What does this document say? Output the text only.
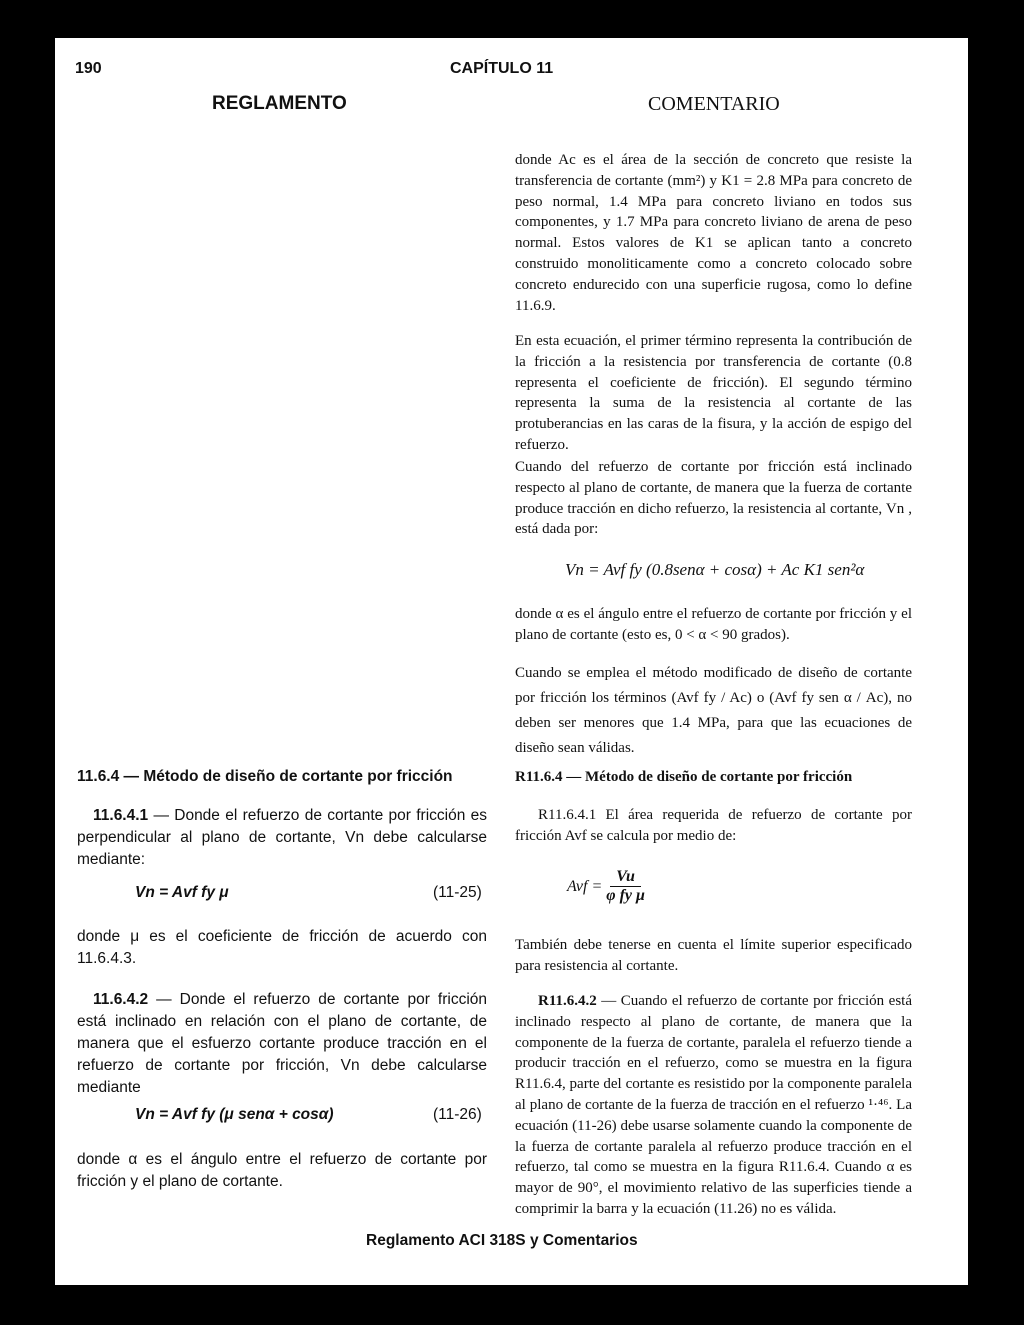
190	CAPÍTULO 11
REGLAMENTO	COMENTARIO
donde Ac es el área de la sección de concreto que resiste la transferencia de cortante (mm²) y K1 = 2.8 MPa para concreto de peso normal, 1.4 MPa para concreto liviano en todos sus componentes, y 1.7 MPa para concreto liviano de arena de peso normal. Estos valores de K1 se aplican tanto a concreto construido monoliticamente como a concreto colocado sobre concreto endurecido con una superficie rugosa, como lo define 11.6.9.
En esta ecuación, el primer término representa la contribución de la fricción a la resistencia por transferencia de cortante (0.8 representa el coeficiente de fricción). El segundo término representa la suma de la resistencia al cortante de las protuberancias en las caras de la fisura, y la acción de espigo del refuerzo.
Cuando del refuerzo de cortante por fricción está inclinado respecto al plano de cortante, de manera que la fuerza de cortante produce tracción en dicho refuerzo, la resistencia al cortante, Vn , está dada por:
Vn = Avf fy (0.8senα + cosα) + Ac K1 sen²α
donde α es el ángulo entre el refuerzo de cortante por fricción y el plano de cortante (esto es, 0 < α < 90 grados).
Cuando se emplea el método modificado de diseño de cortante por fricción los términos (Avf fy / Ac) o (Avf fy sen α / Ac), no deben ser menores que 1.4 MPa, para que las ecuaciones de diseño sean válidas.
R11.6.4 — Método de diseño de cortante por fricción
R11.6.4.1 El área requerida de refuerzo de cortante por fricción Avf se calcula por medio de:
Avf = $\frac{Vu}{\text{φ fy μ}}$
También debe tenerse en cuenta el límite superior especificado para resistencia al cortante.
R11.6.4.2 — Cuando el refuerzo de cortante por fricción está inclinado respecto al plano de cortante, de manera que la componente de la fuerza de cortante, paralela el refuerzo tiende a producir tracción en el refuerzo, como se muestra en la figura R11.6.4, parte del cortante es resistido por la componente paralela al plano de cortante de la fuerza de tracción en el refuerzo ¹·⁴⁶. La ecuación (11-26) debe usarse solamente cuando la componente de la fuerza de cortante paralela al refuerzo produce tracción en el refuerzo, tal como se muestra en la figura R11.6.4. Cuando α es mayor de 90°, el movimiento relativo de las superficies tiende a comprimir la barra y la ecuación (11.26) no es válida.
11.6.4 — Método de diseño de cortante por fricción
11.6.4.1 — Donde el refuerzo de cortante por fricción es perpendicular al plano de cortante, Vn debe calcularse mediante:
Vn = Avf fy μ	(11-25)
donde μ es el coeficiente de fricción de acuerdo con 11.6.4.3.
11.6.4.2 — Donde el refuerzo de cortante por fricción está inclinado en relación con el plano de cortante, de manera que el esfuerzo cortante produce tracción en el refuerzo de cortante por fricción, Vn debe calcularse mediante
Vn = Avf fy (μ senα + cosα)	(11-26)
donde α es el ángulo entre el refuerzo de cortante por fricción y el plano de cortante.
Reglamento ACI 318S y Comentarios
